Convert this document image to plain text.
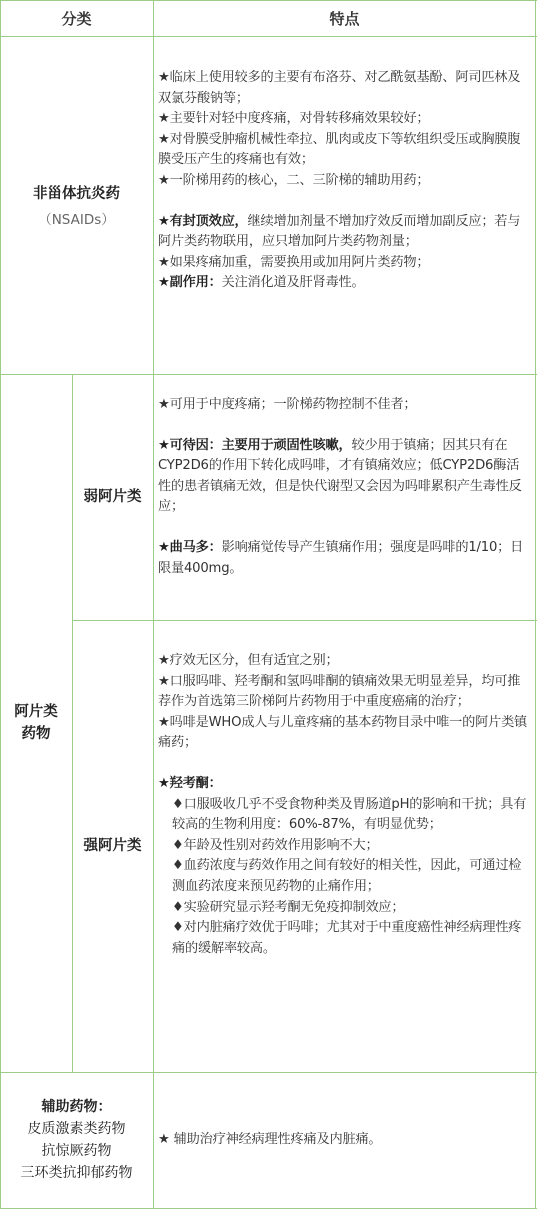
分类	特点
非甾体抗炎药
（NSAIDs）

★临床上使用较多的主要有布洛芬、对乙酰氨基酚、阿司匹林及双氯芬酸钠等；

★主要针对轻中度疼痛，对骨转移痛效果较好；

★对骨膜受肿瘤机械性牵拉、肌肉或皮下等软组织受压或胸膜腹膜受压产生的疼痛也有效；

★一阶梯用药的核心，二、三阶梯的辅助用药；

★有封顶效应，继续增加剂量不增加疗效反而增加副反应；若与阿片类药物联用，应只增加阿片类药物剂量；

★如果疼痛加重，需要换用或加用阿片类药物；

★副作用：关注消化道及肝肾毒性。

阿片类
药物
弱阿片类

★可用于中度疼痛；一阶梯药物控制不佳者；

★可待因：主要用于顽固性咳嗽，较少用于镇痛；因其只有在CYP2D6的作用下转化成吗啡，才有镇痛效应；低CYP2D6酶活性的患者镇痛无效，但是快代谢型又会因为吗啡累积产生毒性反应；

★曲马多：影响痛觉传导产生镇痛作用；强度是吗啡的1/10；日限量400mg。

强阿片类

★疗效无区分，但有适宜之别；

★口服吗啡、羟考酮和氢吗啡酮的镇痛效果无明显差异，均可推荐作为首选第三阶梯阿片药物用于中重度癌痛的治疗；

★吗啡是WHO成人与儿童疼痛的基本药物目录中唯一的阿片类镇痛药；

★羟考酮：

♦口服吸收几乎不受食物种类及胃肠道pH的影响和干扰；具有较高的生物利用度：60%-87%，有明显优势；

♦年龄及性别对药效作用影响不大；

♦血药浓度与药效作用之间有较好的相关性，因此，可通过检测血药浓度来预见药物的止痛作用；

♦实验研究显示羟考酮无免疫抑制效应；

♦对内脏痛疗效优于吗啡；尤其对于中重度癌性神经病理性疼痛的缓解率较高。

辅助药物：
皮质激素类药物
抗惊厥药物
三环类抗抑郁药物

★ 辅助治疗神经病理性疼痛及内脏痛。
